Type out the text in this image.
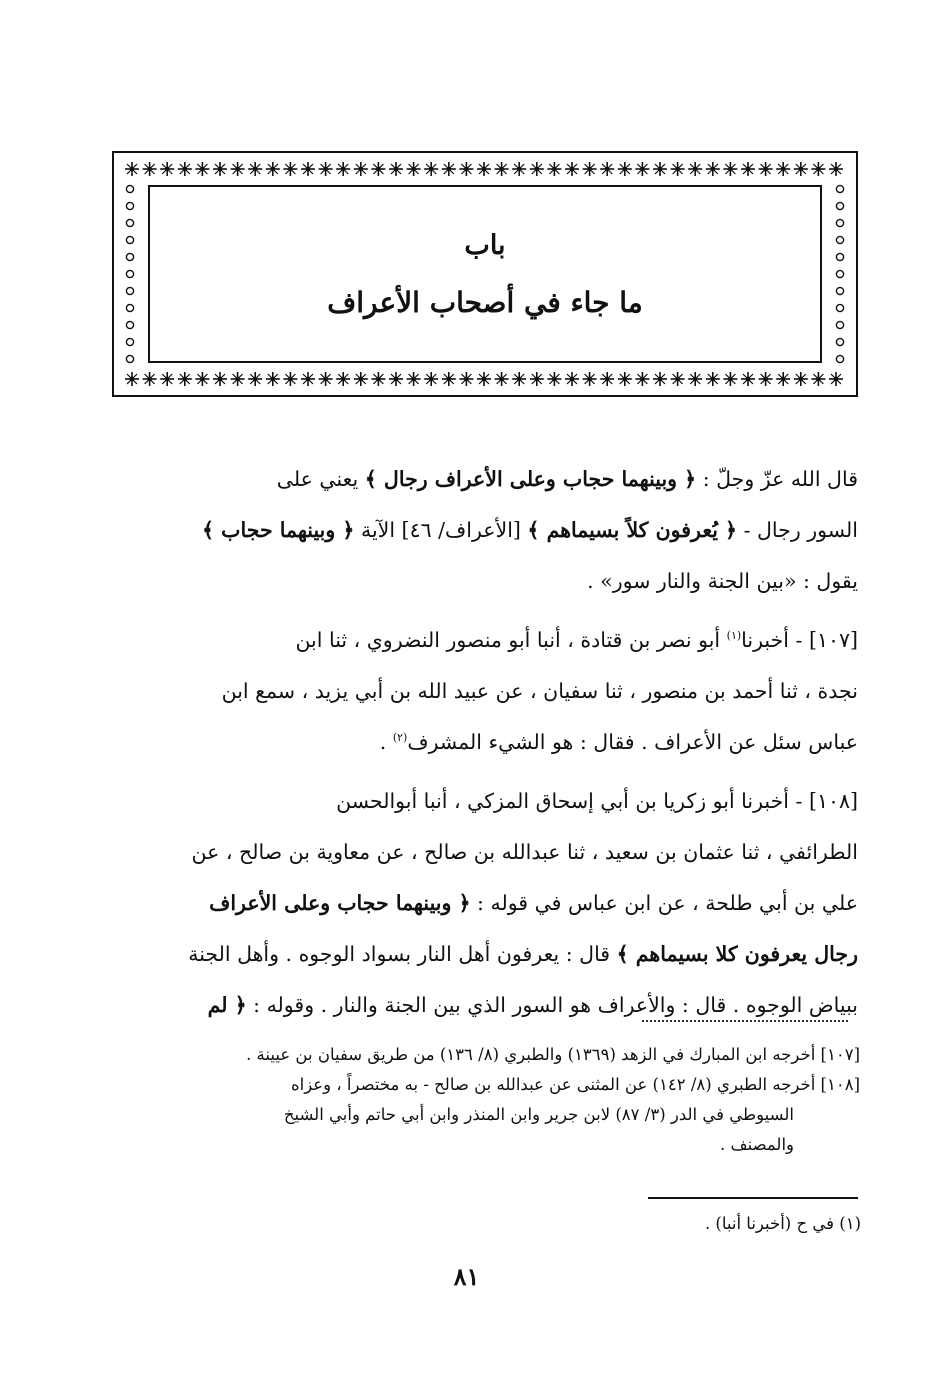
باب
ما جاء في أصحاب الأعراف

قال الله عزّ وجلّ : ﴿ وبينهما حجاب وعلى الأعراف رجال ﴾ يعني على
السور رجال - ﴿ يُعرفون كلاً بسيماهم ﴾ [الأعراف/ ٤٦] الآية ﴿ وبينهما حجاب ﴾
يقول : «بين الجنة والنار سور» .

[١٠٧] - أخبرنا$^{(١)}$ أبو نصر بن قتادة ، أنبا أبو منصور النضروي ، ثنا ابن
نجدة ، ثنا أحمد بن منصور ، ثنا سفيان ، عن عبيد الله بن أبي يزيد ، سمع ابن
عباس سئل عن الأعراف . فقال : هو الشيء المشرف$^{(٢)}$ .

[١٠٨] - أخبرنا أبو زكريا بن أبي إسحاق المزكي ، أنبا أبوالحسن
الطرائفي ، ثنا عثمان بن سعيد ، ثنا عبدالله بن صالح ، عن معاوية بن صالح ، عن
علي بن أبي طلحة ، عن ابن عباس في قوله : ﴿ وبينهما حجاب وعلى الأعراف
رجال يعرفون كلا بسيماهم ﴾ قال : يعرفون أهل النار بسواد الوجوه . وأهل الجنة
ببياض الوجوه . قال : والأعراف هو السور الذي بين الجنة والنار . وقوله : ﴿ لم

[١٠٧] أخرجه ابن المبارك في الزهد (١٣٦٩) والطبري (٨/ ١٣٦) من طريق سفيان بن عيينة .
[١٠٨] أخرجه الطبري (٨/ ١٤٢) عن المثنى عن عبدالله بن صالح - به مختصراً ، وعزاه
السيوطي في الدر (٣/ ٨٧) لابن جرير وابن المنذر وابن أبي حاتم وأبي الشيخ
والمصنف .
(١) في ح (أخبرنا أنبا) .
٨١
